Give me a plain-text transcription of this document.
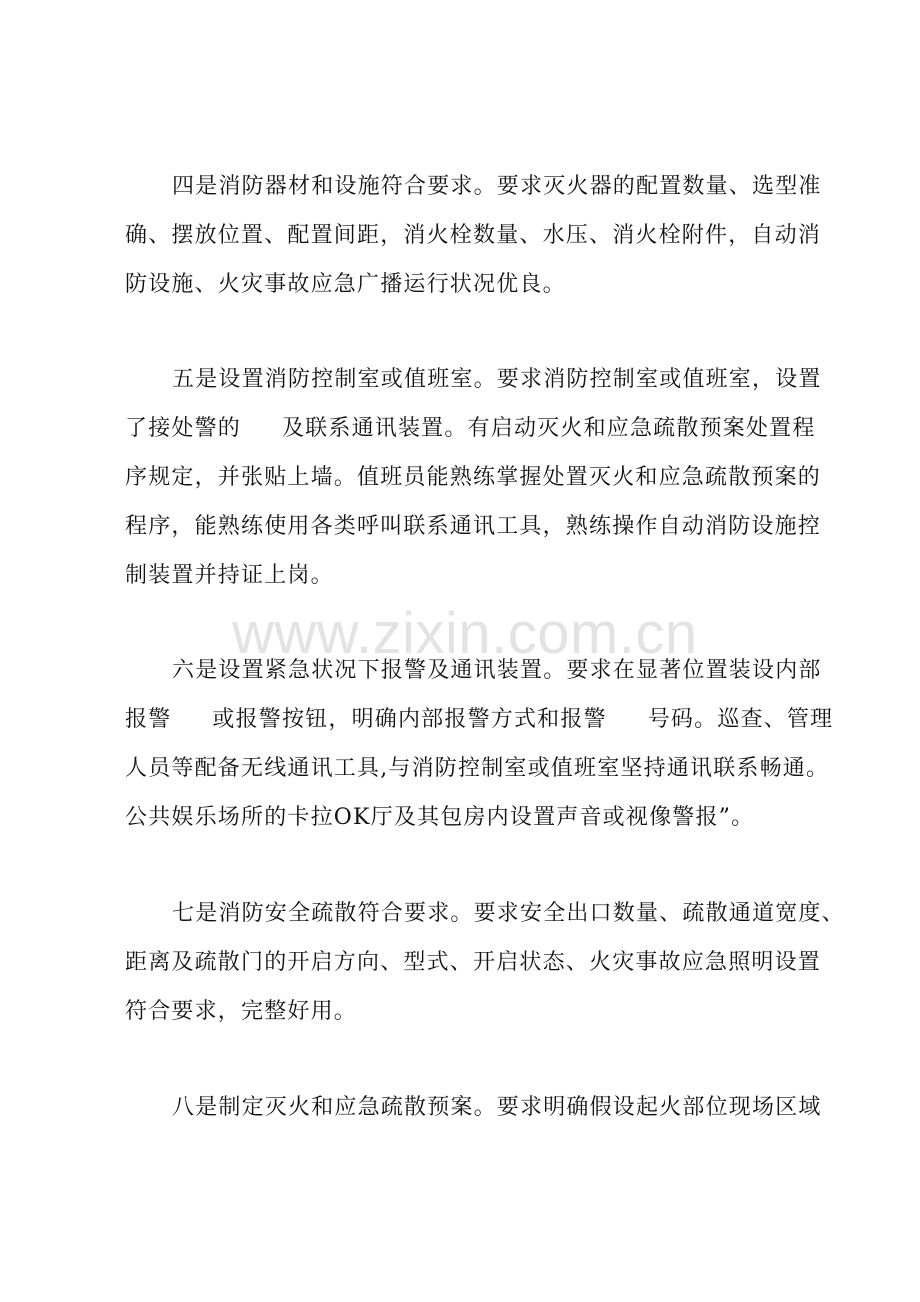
www.zixin.com.cn
四是消防器材和设施符合要求。要求灭火器的配置数量、选型准
确、摆放位置、配置间距，消火栓数量、水压、消火栓附件，自动消
防设施、火灾事故应急广播运行状况优良。
五是设置消防控制室或值班室。要求消防控制室或值班室，设置
了接处警的     及联系通讯装置。有启动灭火和应急疏散预案处置程
序规定，并张贴上墙。值班员能熟练掌握处置灭火和应急疏散预案的
程序，能熟练使用各类呼叫联系通讯工具，熟练操作自动消防设施控
制装置并持证上岗。
六是设置紧急状况下报警及通讯装置。要求在显著位置装设内部
报警     或报警按钮，明确内部报警方式和报警     号码。巡查、管理
人员等配备无线通讯工具,与消防控制室或值班室坚持通讯联系畅通。
公共娱乐场所的卡拉OK厅及其包房内设置声音或视像警报”。
七是消防安全疏散符合要求。要求安全出口数量、疏散通道宽度、
距离及疏散门的开启方向、型式、开启状态、火灾事故应急照明设置
符合要求，完整好用。
八是制定灭火和应急疏散预案。要求明确假设起火部位现场区域
